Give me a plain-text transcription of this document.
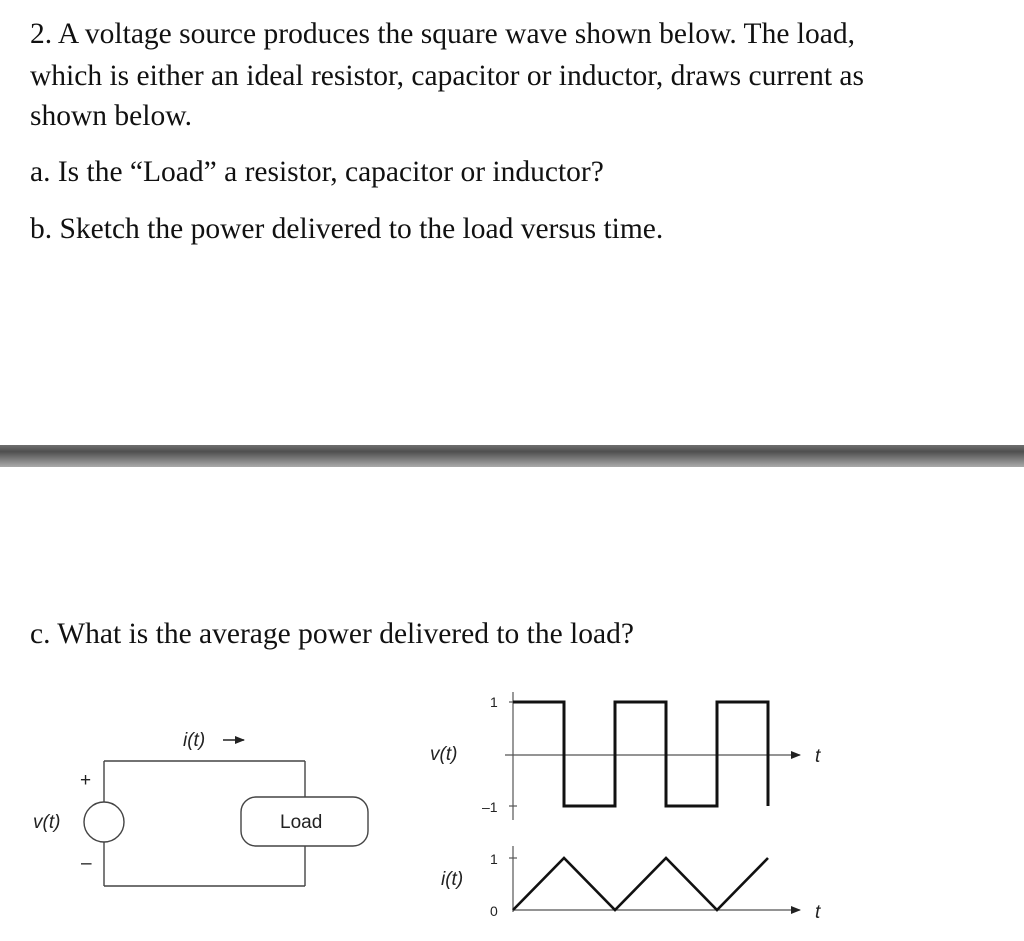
2. A voltage source produces the square wave shown below. The load,
which is either an ideal resistor, capacitor or inductor, draws current as
shown below.
a. Is the “Load” a resistor, capacitor or inductor?
b. Sketch the power delivered to the load versus time.
c. What is the average power delivered to the load?
v(t)
i(t)
+
–
Load
v(t)	t
1
–1
i(t)
t
1
0
